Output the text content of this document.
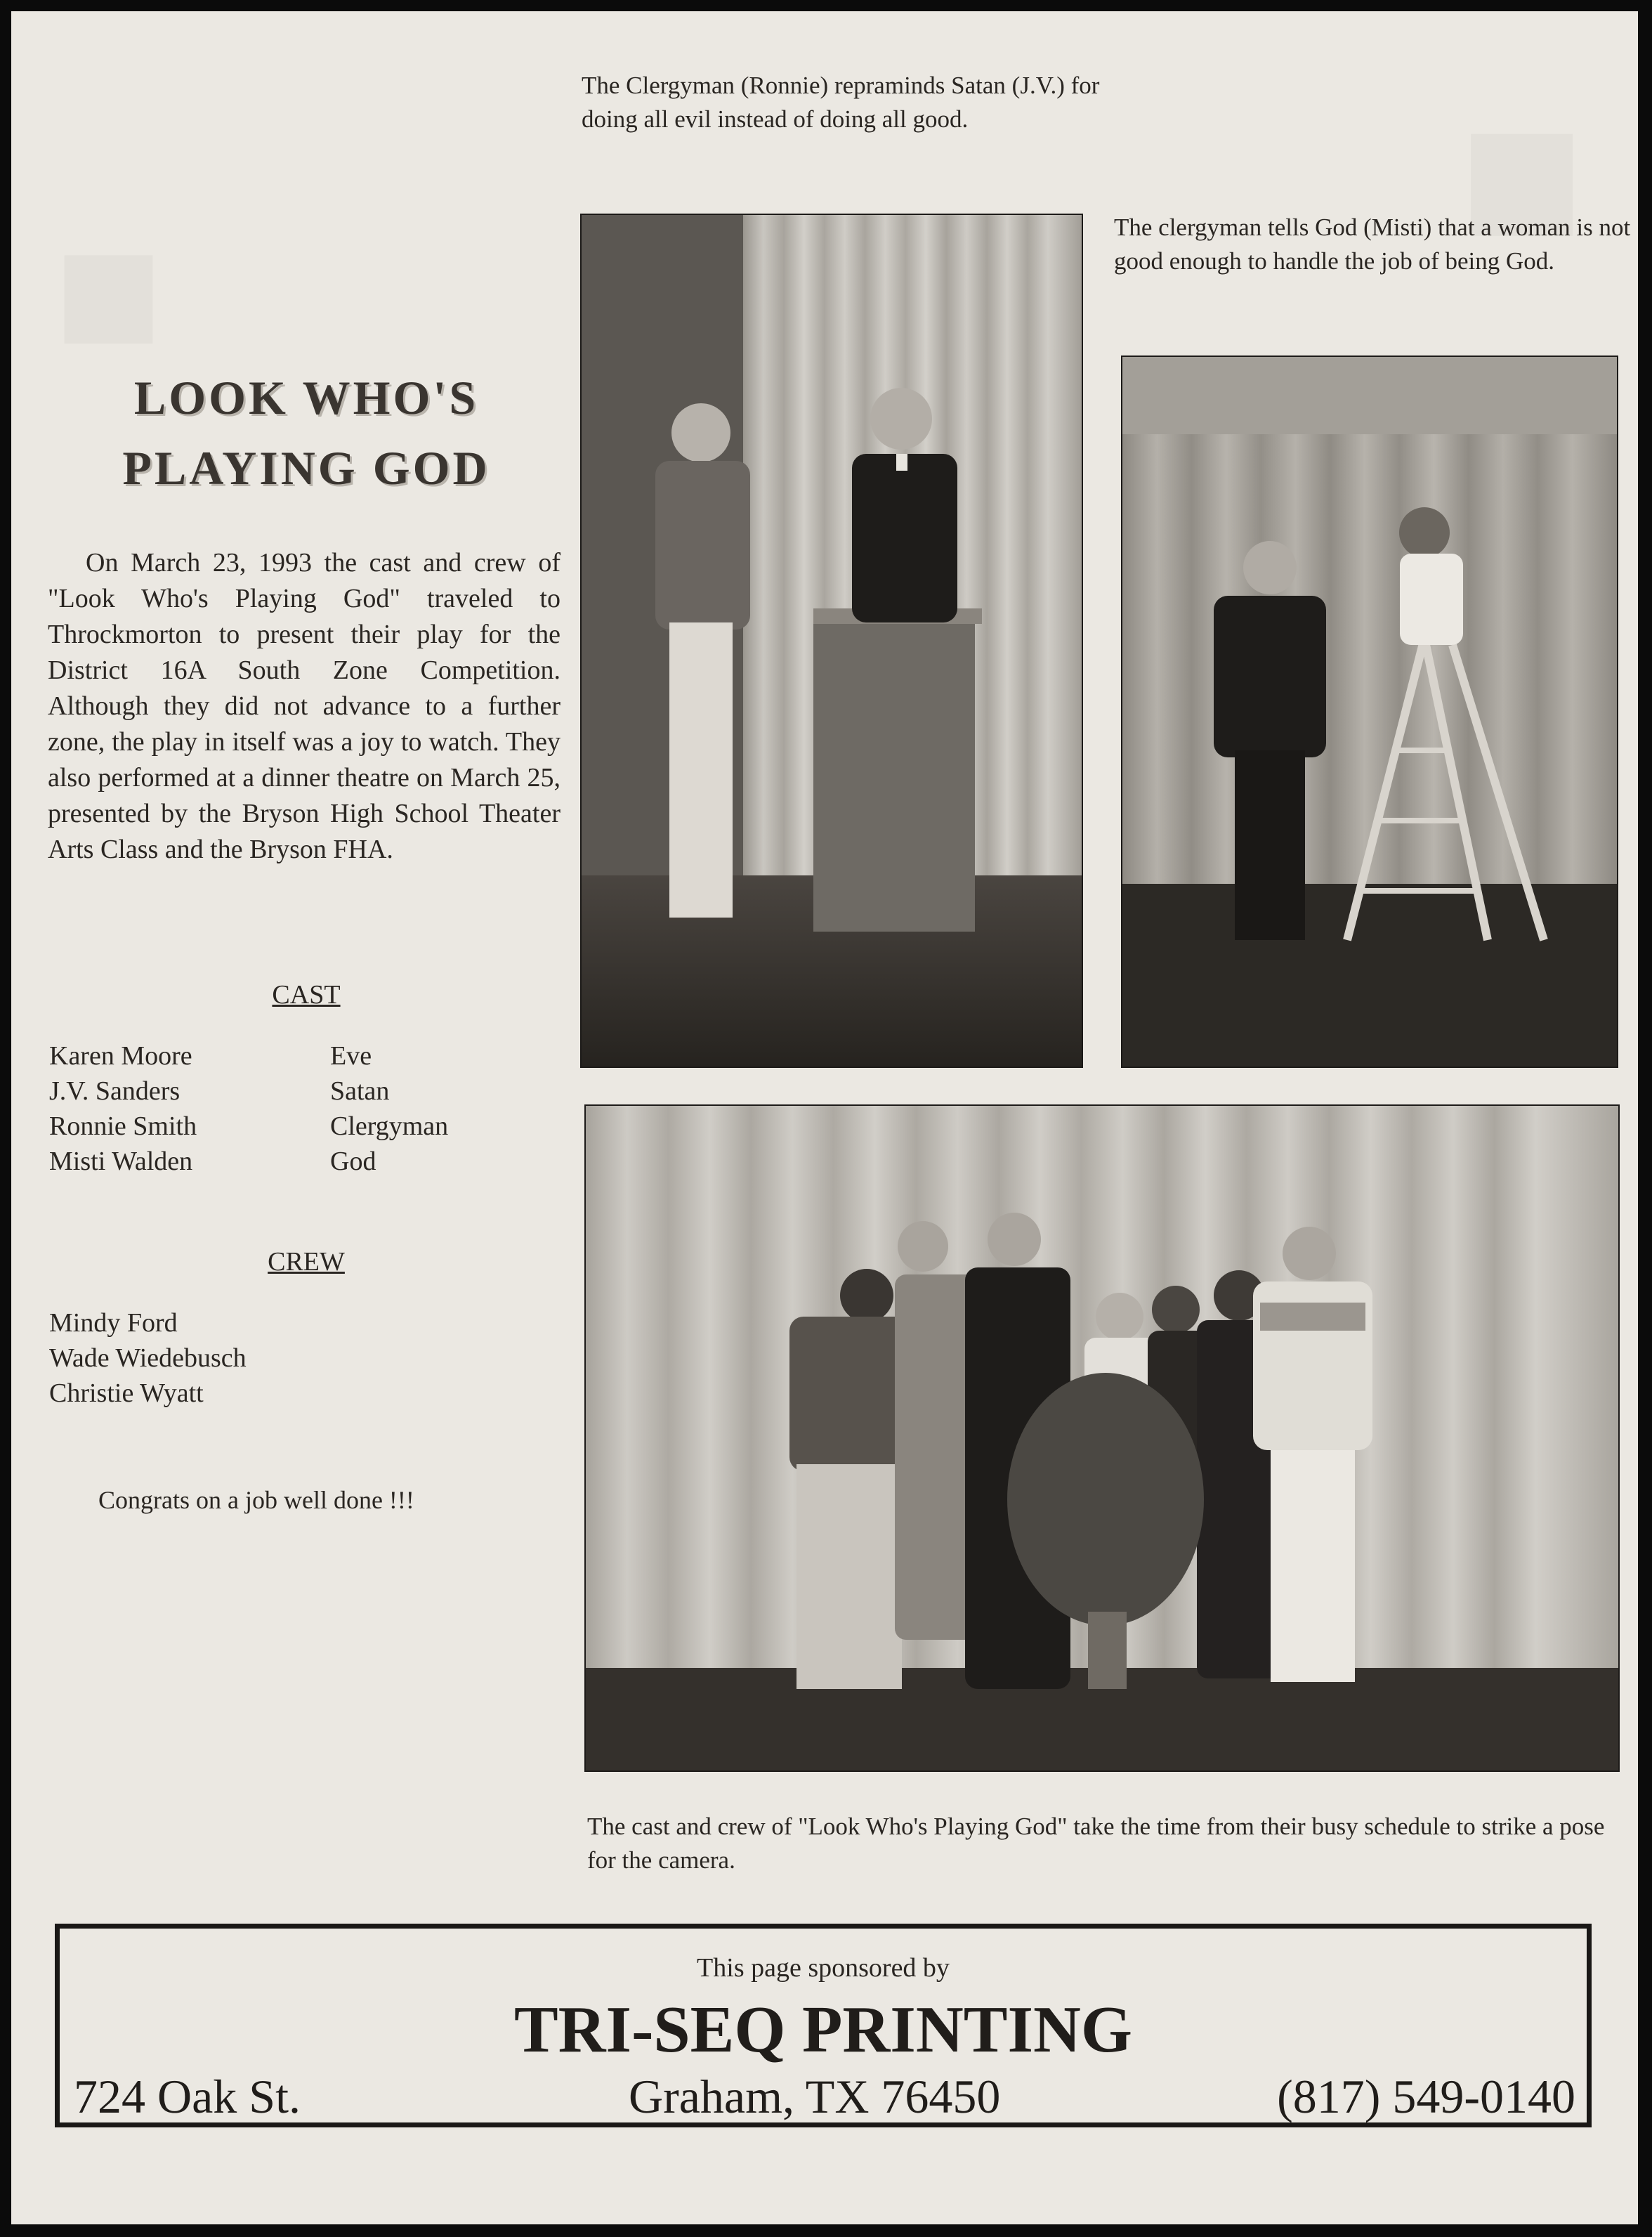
■	■
LOOK WHO'S
PLAYING GOD

On March 23, 1993 the cast and crew of "Look Who's Playing God" traveled to Throckmorton to present their play for the District 16A South Zone Competition. Although they did not advance to a further zone, the play in itself was a joy to watch. They also performed at a dinner theatre on March 25, presented by the Bryson High School Theater Arts Class and the Bryson FHA.

CAST
Karen Moore	Eve
J.V. Sanders	Satan
Ronnie Smith	Clergyman
Misti Walden	God
CREW
Mindy Ford
Wade Wiedebusch
Christie Wyatt
Congrats on a job well done !!!

The Clergyman (Ronnie) repraminds Satan (J.V.) for doing all evil instead of doing all good.

The clergyman tells God (Misti) that a woman is not good enough to handle the job of being God.

The cast and crew of "Look Who's Playing God" take the time from their busy schedule to strike a pose for the camera.

This page sponsored by
TRI-SEQ PRINTING
724 Oak St.	Graham, TX 76450	(817) 549-0140
